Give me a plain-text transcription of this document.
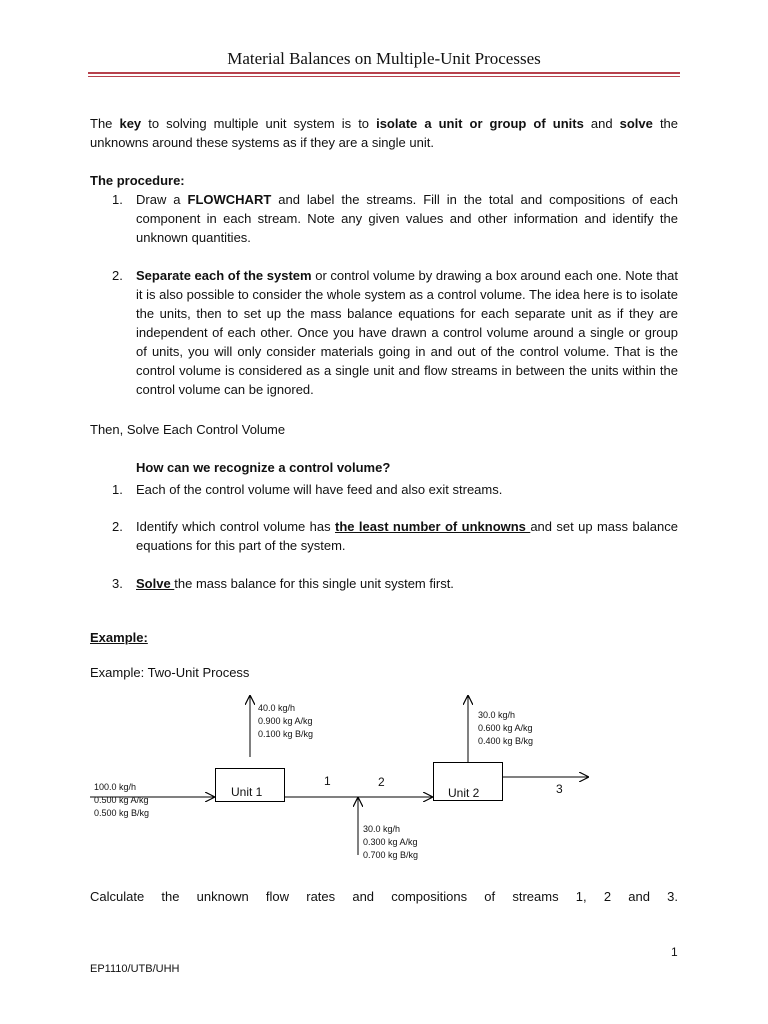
Material Balances on Multiple-Unit Processes
The key to solving multiple unit system is to isolate a unit or group of units and solve the unknowns around these systems as if they are a single unit.
The procedure:
1.	Draw a FLOWCHART and label the streams. Fill in the total and compositions of each component in each stream. Note any given values and other information and identify the unknown quantities.
2.	Separate each of the system or control volume by drawing a box around each one. Note that it is also possible to consider the whole system as a control volume. The idea here is to isolate the units, then to set up the mass balance equations for each separate unit as if they are independent of each other. Once you have drawn a control volume around a single or group of units, you will only consider materials going in and out of the control volume. That is the control volume is considered as a single unit and flow streams in between the units within the control volume can be ignored.
Then, Solve Each Control Volume
How can we recognize a control volume?
1.	Each of the control volume will have feed and also exit streams.
2.	Identify which control volume has the least number of unknowns and set up mass balance equations for this part of the system.
3.	Solve the mass balance for this single unit system first.
Example:
Example: Two-Unit Process
Unit 1	Unit 2
100.0 kg/h
0.500 kg A/kg
0.500 kg B/kg
40.0 kg/h
0.900 kg A/kg
0.100 kg B/kg
30.0 kg/h
0.600 kg A/kg
0.400 kg B/kg
30.0 kg/h
0.300 kg A/kg
0.700 kg B/kg
1	2	3
Calculate the unknown flow rates and compositions of streams 1, 2 and 3.
1
EP1110/UTB/UHH
